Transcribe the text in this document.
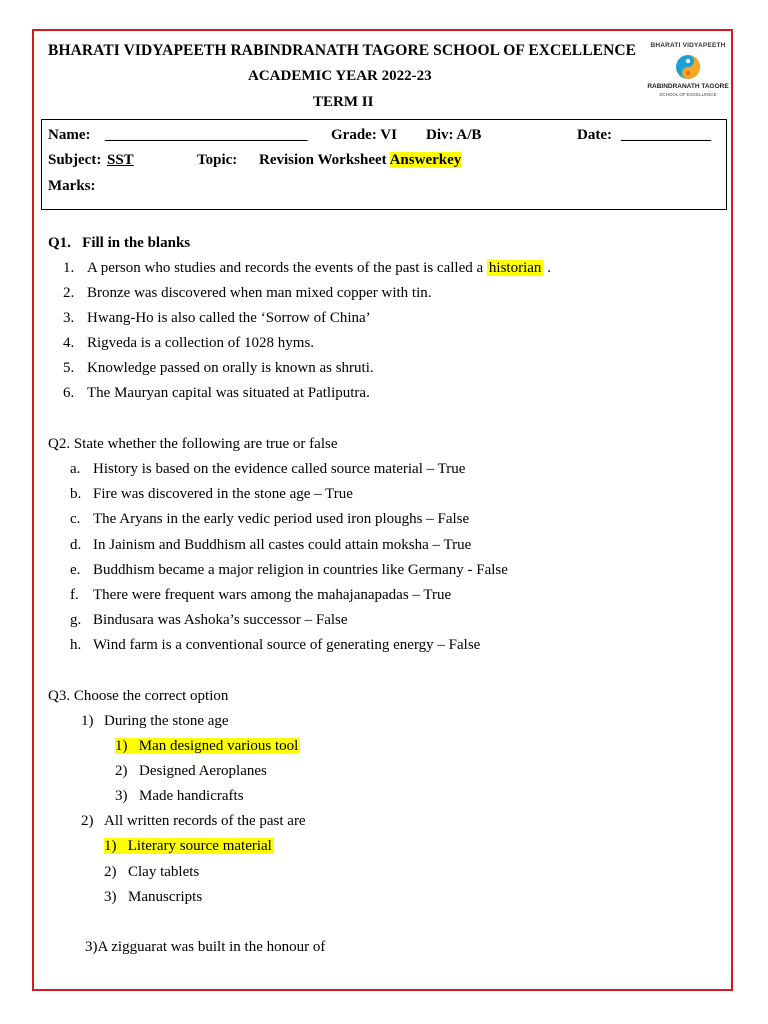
BHARATI VIDYAPEETH RABINDRANATH TAGORE SCHOOL OF EXCELLENCE
ACADEMIC YEAR 2022-23
TERM II
BHARATI VIDYAPEETH
RABINDRANATH TAGORE
SCHOOL OF EXCELLENCE
Name: ___________________________ Grade: VI Div: A/B	Date: ____________
Subject: SST	Topic: Revision Worksheet Answerkey
Marks:
Q1. Fill in the blanks
1. A person who studies and records the events of the past is called a historian .
2. Bronze was discovered when man mixed copper with tin.
3. Hwang-Ho is also called the ‘Sorrow of China’
4. Rigveda is a collection of 1028 hyms.
5. Knowledge passed on orally is known as shruti.
6. The Mauryan capital was situated at Patliputra.
Q2. State whether the following are true or false
a. History is based on the evidence called source material – True
b. Fire was discovered in the stone age – True
c. The Aryans in the early vedic period used iron ploughs – False
d. In Jainism and Buddhism all castes could attain moksha – True
e. Buddhism became a major religion in countries like Germany - False
f. There were frequent wars among the mahajanapadas – True
g. Bindusara was Ashoka’s successor – False
h. Wind farm is a conventional source of generating energy – False
Q3. Choose the correct option
1) During the stone age
1) Man designed various tool
2) Designed Aeroplanes
3) Made handicrafts
2) All written records of the past are
1) Literary source material
2) Clay tablets
3) Manuscripts
3)A zigguarat was built in the honour of
